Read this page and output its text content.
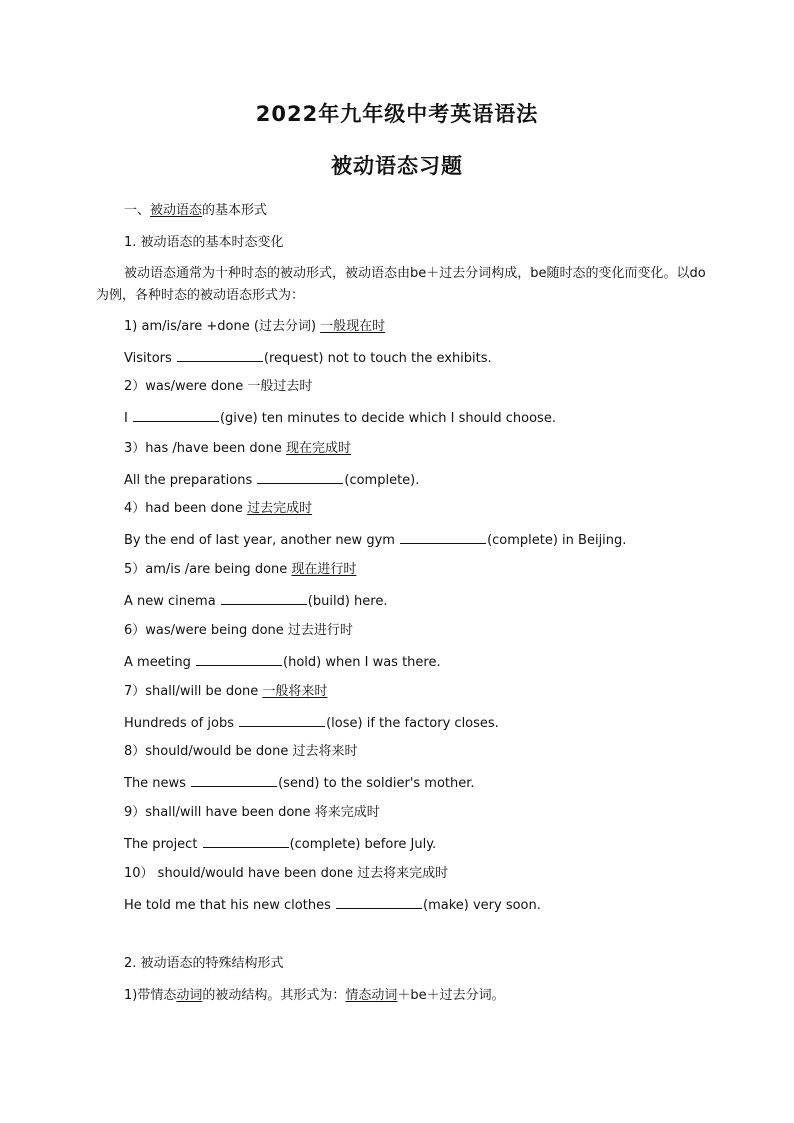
2022年九年级中考英语语法
被动语态习题
一、被动语态的基本形式
1. 被动语态的基本时态变化
被动语态通常为十种时态的被动形式，被动语态由be＋过去分词构成，be随时态的变化而变化。以do为例，各种时态的被动语态形式为：
1) am/is/are +done (过去分词) 一般现在时
Visitors	(request) not to touch the exhibits.
2）was/were done 一般过去时
I	(give) ten minutes to decide which I should choose.
3）has /have been done 现在完成时
All the preparations	(complete).
4）had been done 过去完成时
By the end of last year, another new gym	(complete) in Beijing.
5）am/is /are being done 现在进行时
A new cinema	(build) here.
6）was/were being done 过去进行时
A meeting	(hold) when I was there.
7）shall/will be done 一般将来时
Hundreds of jobs	(lose) if the factory closes.
8）should/would be done 过去将来时
The news	(send) to the soldier's mother.
9）shall/will have been done 将来完成时
The project	(complete) before July.
10） should/would have been done 过去将来完成时
He told me that his new clothes	(make) very soon.
2. 被动语态的特殊结构形式
1)带情态动词的被动结构。其形式为：情态动词＋be＋过去分词。
